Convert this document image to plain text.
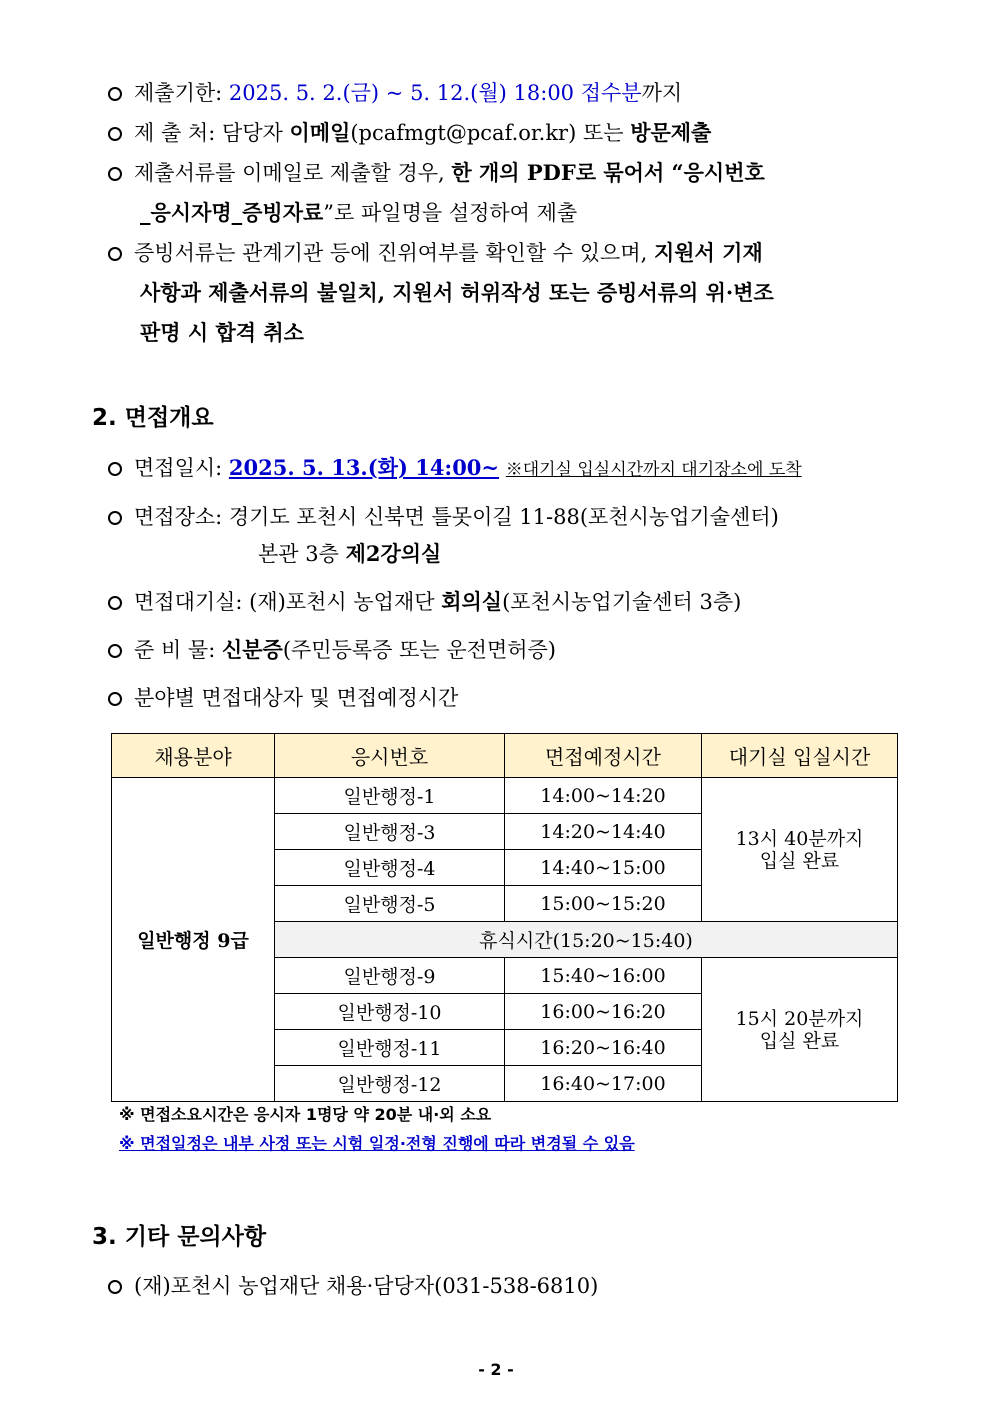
제출기한: 2025. 5. 2.(금) ~ 5. 12.(월) 18:00 접수분까지
제 출 처: 담당자 이메일(pcafmgt@pcaf.or.kr) 또는 방문제출
제출서류를 이메일로 제출할 경우, 한 개의 PDF로 묶어서 “응시번호
_응시자명_증빙자료”로 파일명을 설정하여 제출
증빙서류는 관계기관 등에 진위여부를 확인할 수 있으며, 지원서 기재
사항과 제출서류의 불일치, 지원서 허위작성 또는 증빙서류의 위·변조
판명 시 합격 취소
2. 면접개요
면접일시: 2025. 5. 13.(화) 14:00~ ※대기실 입실시간까지 대기장소에 도착
면접장소: 경기도 포천시 신북면 틀못이길 11-88(포천시농업기술센터)
본관 3층 제2강의실
면접대기실: (재)포천시 농업재단 회의실(포천시농업기술센터 3층)
준 비 물: 신분증(주민등록증 또는 운전면허증)
분야별 면접대상자 및 면접예정시간
채용분야	응시번호	면접예정시간	대기실 입실시간
일반행정 9급	일반행정-1	14:00~14:20	13시 40분까지
입실 완료

	일반행정-3	14:20~14:40	
	일반행정-4	14:40~15:00	
	일반행정-5	15:00~15:20	
	휴식시간(15:20~15:40)		
	일반행정-9	15:40~16:00	15시 20분까지
입실 완료

	일반행정-10	16:00~16:20	
	일반행정-11	16:20~16:40	
	일반행정-12	16:40~17:00	
※ 면접소요시간은 응시자 1명당 약 20분 내·외 소요
※ 면접일정은 내부 사정 또는 시험 일정·전형 진행에 따라 변경될 수 있음
3. 기타 문의사항
(재)포천시 농업재단 채용·담당자(031-538-6810)
- 2 -
